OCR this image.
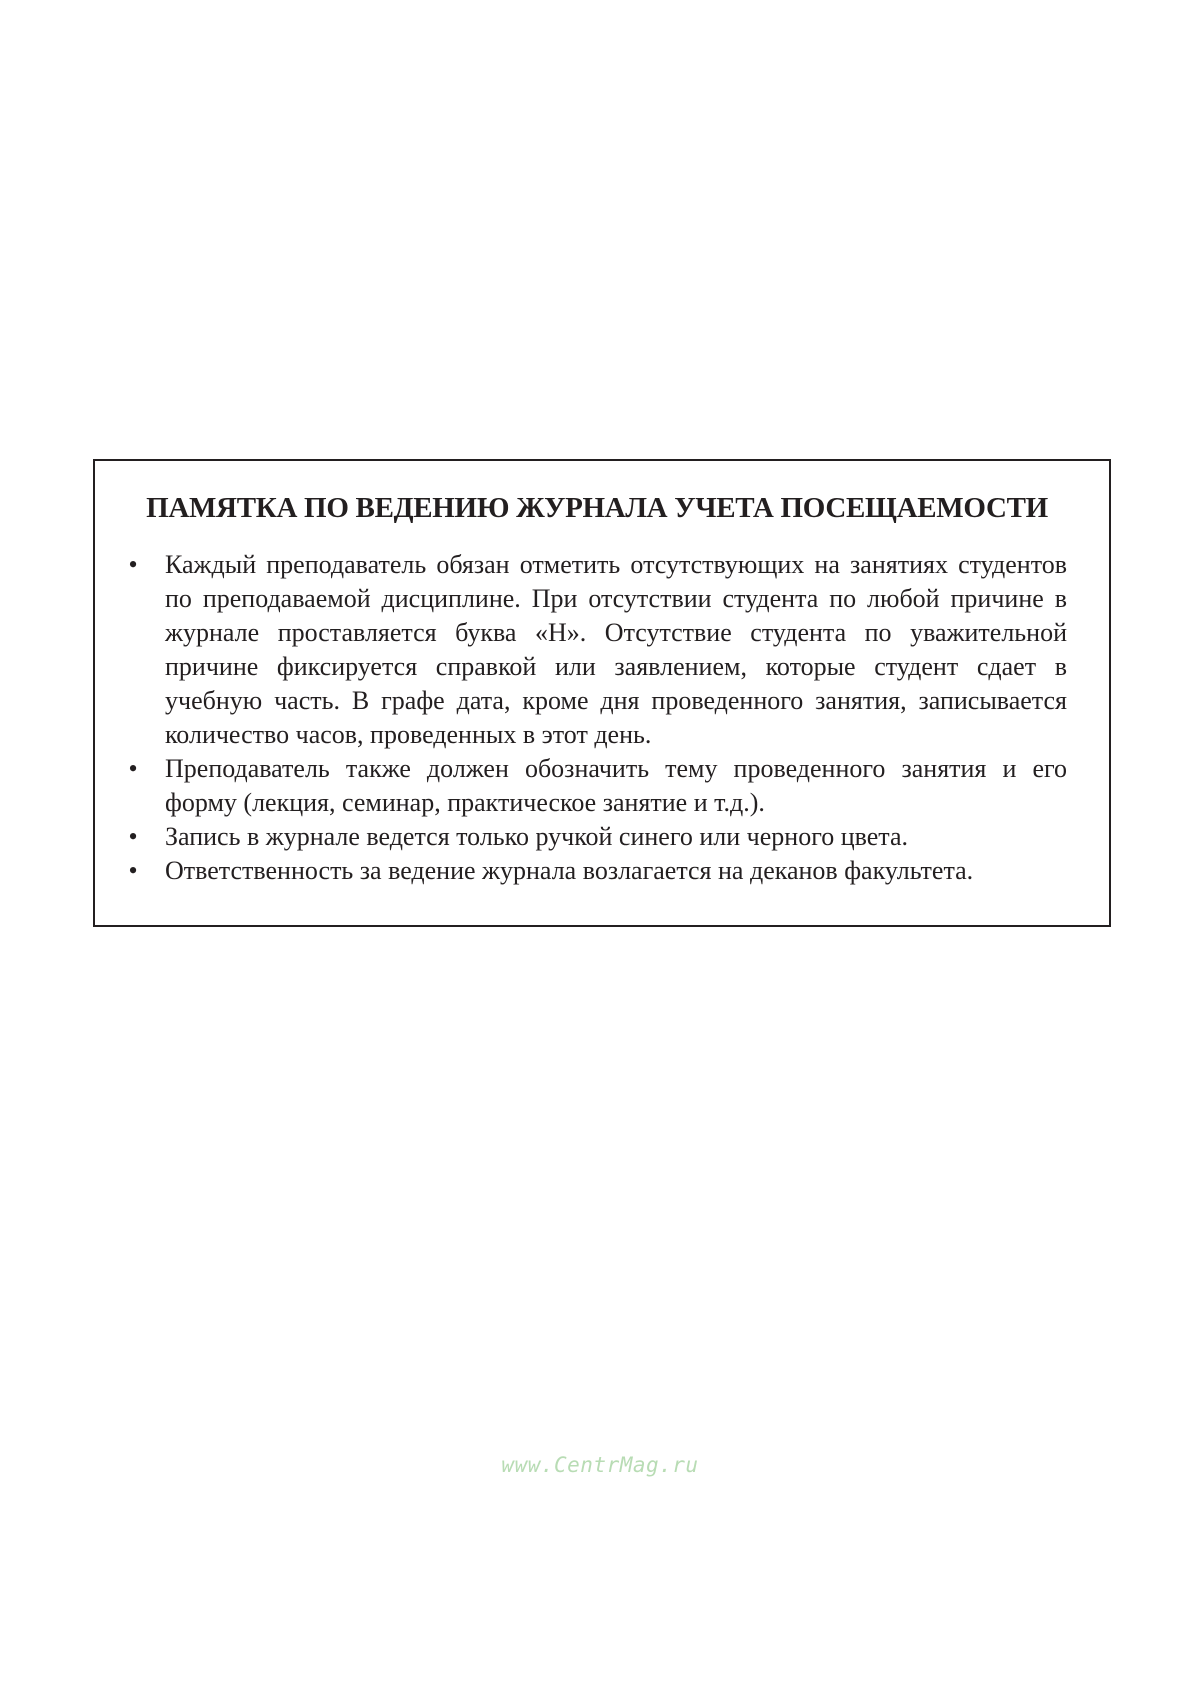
ПАМЯТКА ПО ВЕДЕНИЮ ЖУРНАЛА УЧЕТА ПОСЕЩАЕМОСТИ
• Каждый преподаватель обязан отметить отсутствующих на занятиях студентов по преподаваемой дисциплине. При отсутствии студента по любой причине в журнале проставляется буква «Н». Отсутствие студента по уважительной причине фиксируется справкой или заявлением, которые студент сдает в учебную часть. В графе дата, кроме дня проведенного занятия, записывается количество часов, проведенных в этот день.
• Преподаватель также должен обозначить тему проведенного занятия и его форму (лекция, семинар, практическое занятие и т.д.).
• Запись в журнале ведется только ручкой синего или черного цвета.
• Ответственность за ведение журнала возлагается на деканов факультета.
www.CentrMag.ru
